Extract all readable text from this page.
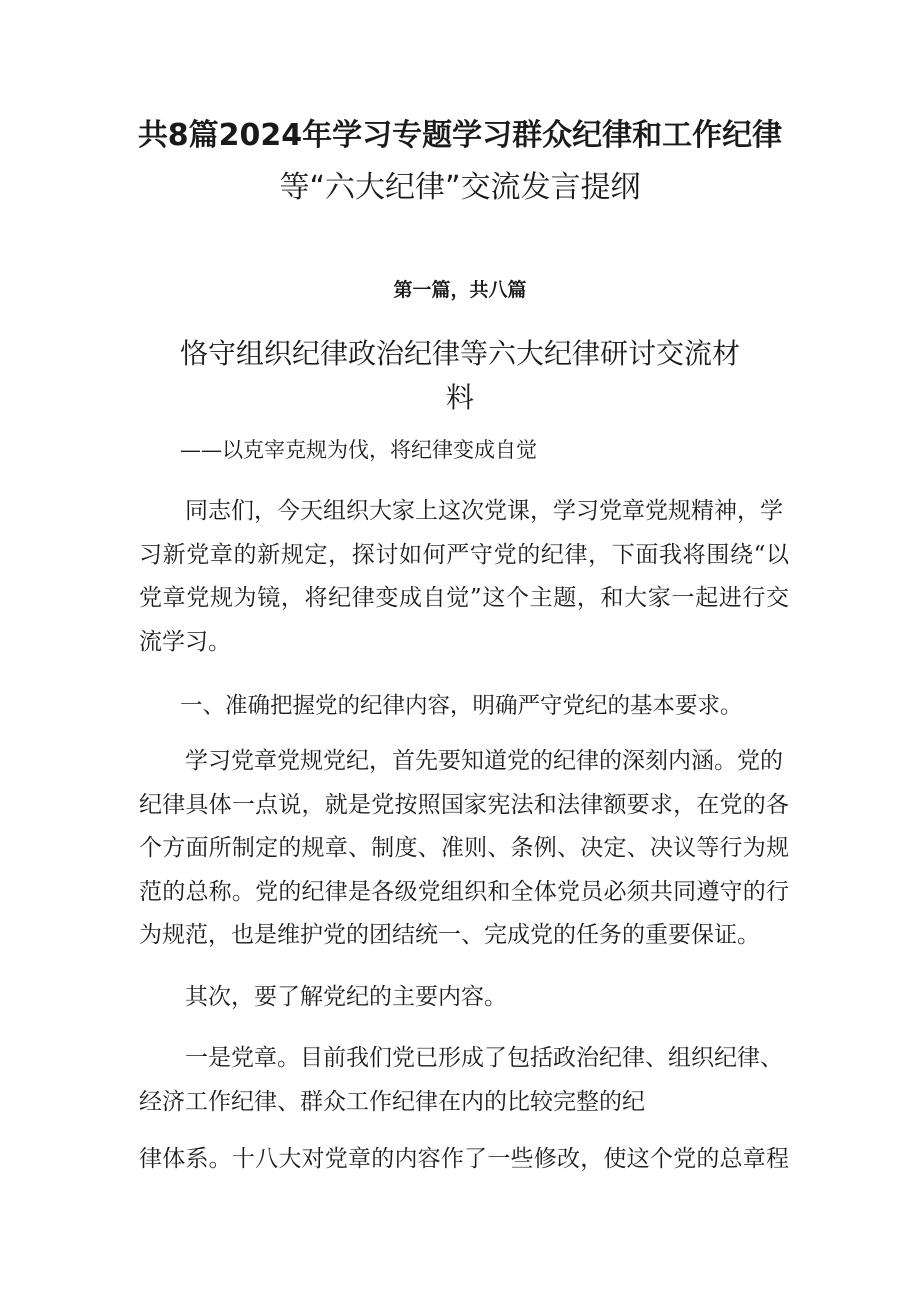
共8篇2024年学习专题学习群众纪律和工作纪律
等“六大纪律”交流发言提纲
第一篇，共八篇
恪守组织纪律政治纪律等六大纪律研讨交流材
料
——以克宰克规为伐，将纪律变成自觉
同志们，今天组织大家上这次党课，学习党章党规精神，学
习新党章的新规定，探讨如何严守党的纪律，下面我将围绕“以
党章党规为镜，将纪律变成自觉”这个主题，和大家一起进行交
流学习。
一、准确把握党的纪律内容，明确严守党纪的基本要求。
学习党章党规党纪，首先要知道党的纪律的深刻内涵。党的
纪律具体一点说，就是党按照国家宪法和法律额要求，在党的各
个方面所制定的规章、制度、准则、条例、决定、决议等行为规
范的总称。党的纪律是各级党组织和全体党员必须共同遵守的行
为规范，也是维护党的团结统一、完成党的任务的重要保证。
其次，要了解党纪的主要内容。
一是党章。目前我们党已形成了包括政治纪律、组织纪律、
经济工作纪律、群众工作纪律在内的比较完整的纪
律体系。十八大对党章的内容作了一些修改，使这个党的总章程
